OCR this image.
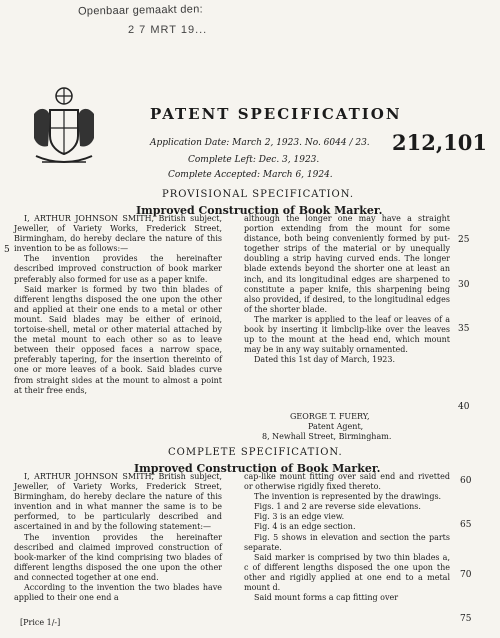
Openbaar gemaakt den:
2 7 MRT 19...
PATENT SPECIFICATION
Application Date: March 2, 1923. No. 6044 / 23.
Complete Left: Dec. 3, 1923.
Complete Accepted: March 6, 1924.
212,101
PROVISIONAL SPECIFICATION.
Improved Construction of Book Marker.

I, ARTHUR JOHNSON SMITH, British subject, Jeweller, of Variety Works, Frederick Street, Birmingham, do hereby declare the nature of this invention to be as follows:—

The invention provides the hereinafter described improved construction of book marker preferably also formed for use as a paper knife.

Said marker is formed by two thin blades of different lengths disposed the one upon the other and applied at their one ends to a metal or other mount. Said blades may be either of erinoid, tortoise-shell, metal or other material attached by the metal mount to each other so as to leave between their opposed faces a narrow space, preferably tapering, for the insertion thereinto of one or more leaves of a book. Said blades curve from straight sides at the mount to almost a point at their free ends,

5

although the longer one may have a straight portion extending from the mount for some distance, both being conveniently formed by put-together strips of the material or by unequally doubling a strip having curved ends. The longer blade extends beyond the shorter one at least an inch, and its longitudinal edges are sharpened to constitute a paper knife, this sharpening being also provided, if desired, to the longitudinal edges of the shorter blade.

The marker is applied to the leaf or leaves of a book by inserting it limbclip-like over the leaves up to the mount at the head end, which mount may be in any way suitably ornamented.

Dated this 1st day of March, 1923.

25
30
35
40

GEORGE T. FUERY,

Patent Agent,

8, Newhall Street, Birmingham.

COMPLETE SPECIFICATION.
Improved Construction of Book Marker.

I, ARTHUR JOHNSON SMITH, British subject, Jeweller, of Variety Works, Frederick Street, Birmingham, do hereby declare the nature of this invention and in what manner the same is to be performed, to be particularly described and ascertained in and by the following statement:—

The invention provides the hereinafter described and claimed improved construction of book-marker of the kind comprising two blades of different lengths disposed the one upon the other and connected together at one end.

According to the invention the two blades have applied to their one end a

[Price 1/-]

cap-like mount fitting over said end and rivetted or otherwise rigidly fixed thereto.

The invention is represented by the drawings.

Figs. 1 and 2 are reverse side elevations.

Fig. 3 is an edge view.

Fig. 4 is an edge section.

Fig. 5 shows in elevation and section the parts separate.

Said marker is comprised by two thin blades a, c of different lengths disposed the one upon the other and rigidly applied at one end to a metal mount d.

Said mount forms a cap fitting over

60
65
70
75
